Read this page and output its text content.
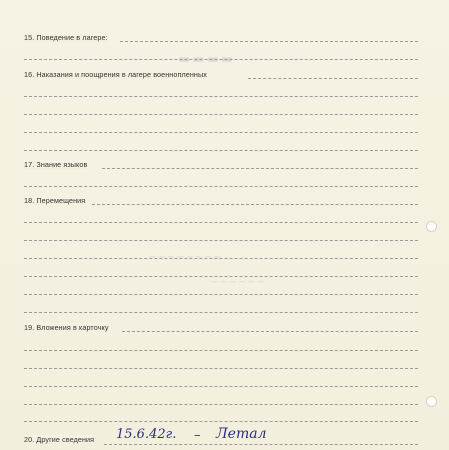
▬▬▬▬
~~~~~~~~
~~~~~~
15. Поведение в лагере:
16. Наказания и поощрения в лагере военнопленных
17. Знание языков
18. Перемещения
19. Вложения в карточку
20. Другие сведения 15.6.42г. – Летал
